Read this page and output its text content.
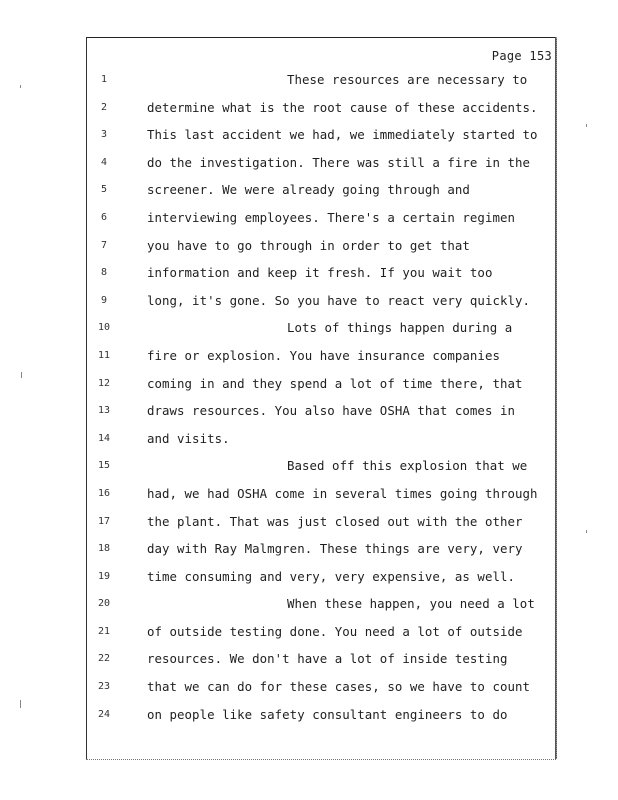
Page 153
1	These resources are necessary to
2	determine what is the root cause of these accidents.
3	This last accident we had, we immediately started to
4	do the investigation. There was still a fire in the
5	screener. We were already going through and
6	interviewing employees. There's a certain regimen
7	you have to go through in order to get that
8	information and keep it fresh. If you wait too
9	long, it's gone. So you have to react very quickly.
10	Lots of things happen during a
11	fire or explosion. You have insurance companies
12	coming in and they spend a lot of time there, that
13	draws resources. You also have OSHA that comes in
14	and visits.
15	Based off this explosion that we
16	had, we had OSHA come in several times going through
17	the plant. That was just closed out with the other
18	day with Ray Malmgren. These things are very, very
19	time consuming and very, very expensive, as well.
20	When these happen, you need a lot
21	of outside testing done. You need a lot of outside
22	resources. We don't have a lot of inside testing
23	that we can do for these cases, so we have to count
24	on people like safety consultant engineers to do
